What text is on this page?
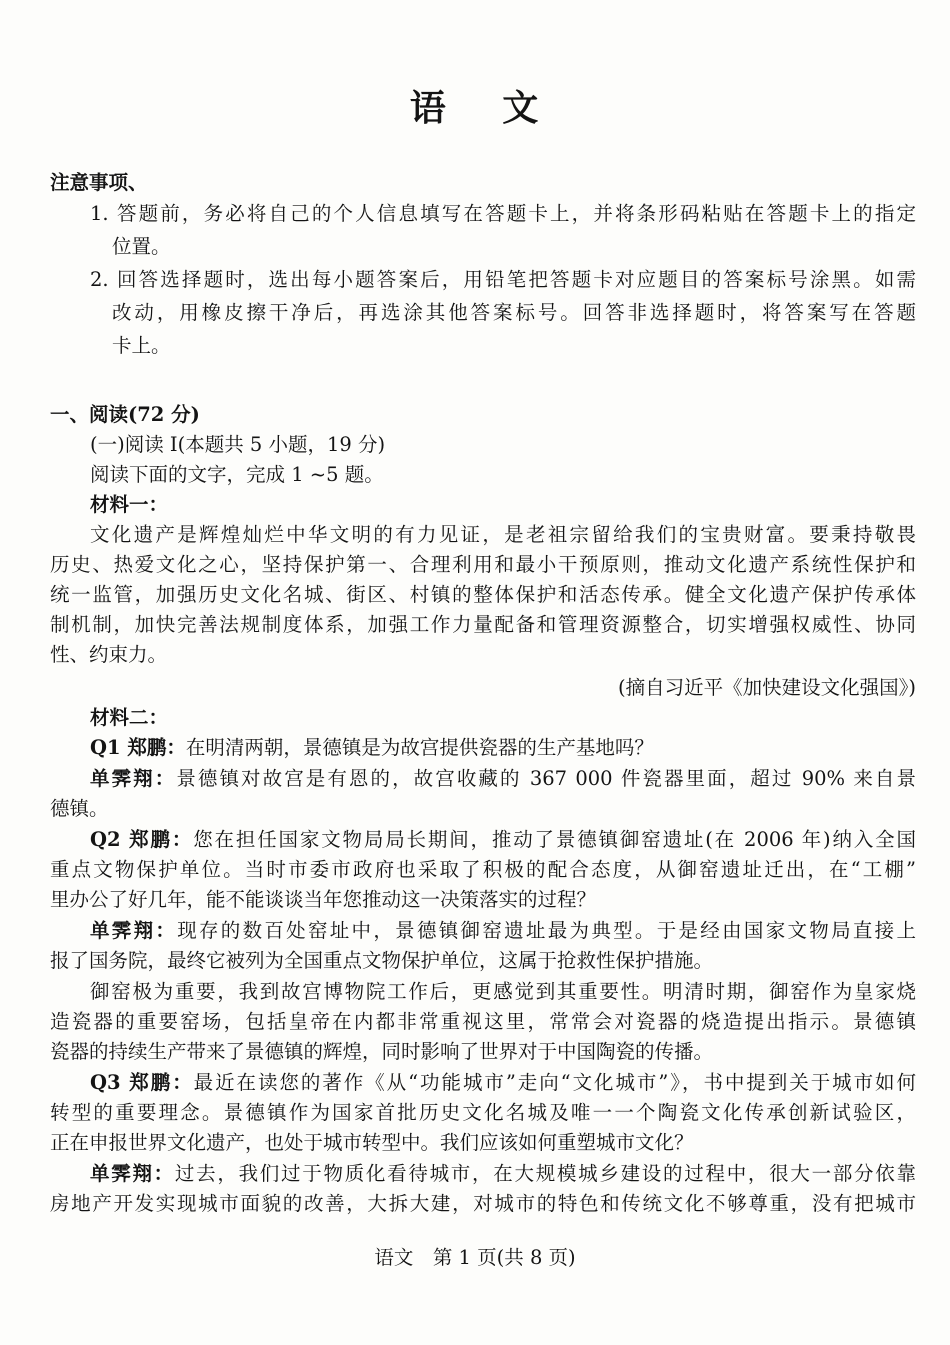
语 文
注意事项、
1. 答题前，务必将自己的个人信息填写在答题卡上，并将条形码粘贴在答题卡上的指定
位置。
2. 回答选择题时，选出每小题答案后，用铅笔把答题卡对应题目的答案标号涂黑。如需
改动，用橡皮擦干净后，再选涂其他答案标号。回答非选择题时，将答案写在答题
卡上。
一、阅读(72 分)
(一)阅读 I(本题共 5 小题，19 分)
阅读下面的文字，完成 1 ~5 题。
材料一：
文化遗产是辉煌灿烂中华文明的有力见证，是老祖宗留给我们的宝贵财富。要秉持敬畏
历史、热爱文化之心，坚持保护第一、合理利用和最小干预原则，推动文化遗产系统性保护和
统一监管，加强历史文化名城、街区、村镇的整体保护和活态传承。健全文化遗产保护传承体
制机制，加快完善法规制度体系，加强工作力量配备和管理资源整合，切实增强权威性、协同
性、约束力。
(摘自习近平《加快建设文化强国》)
材料二：
Q1 郑鹏：在明清两朝，景德镇是为故宫提供瓷器的生产基地吗？
单霁翔：景德镇对故宫是有恩的，故宫收藏的 367 000 件瓷器里面，超过 90% 来自景
德镇。
Q2 郑鹏：您在担任国家文物局局长期间，推动了景德镇御窑遗址(在 2006 年)纳入全国
重点文物保护单位。当时市委市政府也采取了积极的配合态度，从御窑遗址迁出，在“工棚”
里办公了好几年，能不能谈谈当年您推动这一决策落实的过程？
单霁翔：现存的数百处窑址中，景德镇御窑遗址最为典型。于是经由国家文物局直接上
报了国务院，最终它被列为全国重点文物保护单位，这属于抢救性保护措施。
御窑极为重要，我到故宫博物院工作后，更感觉到其重要性。明清时期，御窑作为皇家烧
造瓷器的重要窑场，包括皇帝在内都非常重视这里，常常会对瓷器的烧造提出指示。景德镇
瓷器的持续生产带来了景德镇的辉煌，同时影响了世界对于中国陶瓷的传播。
Q3 郑鹏：最近在读您的著作《从“功能城市”走向“文化城市”》，书中提到关于城市如何
转型的重要理念。景德镇作为国家首批历史文化名城及唯一一个陶瓷文化传承创新试验区，
正在申报世界文化遗产，也处于城市转型中。我们应该如何重塑城市文化？
单霁翔：过去，我们过于物质化看待城市，在大规模城乡建设的过程中，很大一部分依靠
房地产开发实现城市面貌的改善，大拆大建，对城市的特色和传统文化不够尊重，没有把城市
语文　第 1 页(共 8 页)
